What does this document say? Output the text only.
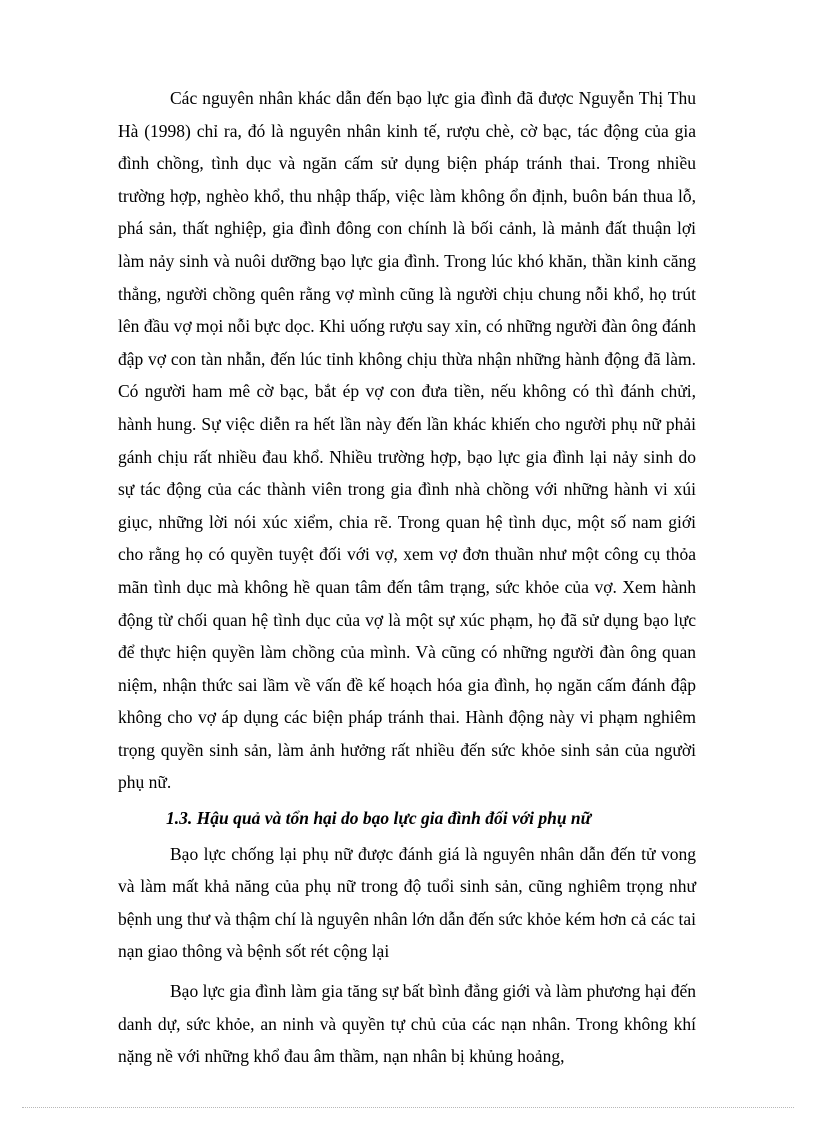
Các nguyên nhân khác dẫn đến bạo lực gia đình đã được Nguyễn Thị Thu Hà (1998) chỉ ra, đó là nguyên nhân kinh tế, rượu chè, cờ bạc, tác động của gia đình chồng, tình dục và ngăn cấm sử dụng biện pháp tránh thai. Trong nhiều trường hợp, nghèo khổ, thu nhập thấp, việc làm không ổn định, buôn bán thua lỗ, phá sản, thất nghiệp, gia đình đông con chính là bối cảnh, là mảnh đất thuận lợi làm nảy sinh và nuôi dưỡng bạo lực gia đình. Trong lúc khó khăn, thần kinh căng thẳng, người chồng quên rằng vợ mình cũng là người chịu chung nỗi khổ, họ trút lên đầu vợ mọi nỗi bực dọc. Khi uống rượu say xỉn, có những người đàn ông đánh đập vợ con tàn nhẫn, đến lúc tỉnh không chịu thừa nhận những hành động đã làm. Có người ham mê cờ bạc, bắt ép vợ con đưa tiền, nếu không có thì đánh chửi, hành hung. Sự việc diễn ra hết lần này đến lần khác khiến cho người phụ nữ phải gánh chịu rất nhiều đau khổ. Nhiều trường hợp, bạo lực gia đình lại nảy sinh do sự tác động của các thành viên trong gia đình nhà chồng với những hành vi xúi giục, những lời nói xúc xiểm, chia rẽ. Trong quan hệ tình dục, một số nam giới cho rằng họ có quyền tuyệt đối với vợ, xem vợ đơn thuần như một công cụ thỏa mãn tình dục mà không hề quan tâm đến tâm trạng, sức khỏe của vợ. Xem hành động từ chối quan hệ tình dục của vợ là một sự xúc phạm, họ đã sử dụng bạo lực để thực hiện quyền làm chồng của mình. Và cũng có những người đàn ông quan niệm, nhận thức sai lầm về vấn đề kế hoạch hóa gia đình, họ ngăn cấm đánh đập không cho vợ áp dụng các biện pháp tránh thai. Hành động này vi phạm nghiêm trọng quyền sinh sản, làm ảnh hưởng rất nhiều đến sức khỏe sinh sản của người phụ nữ.

1.3. Hậu quả và tổn hại do bạo lực gia đình đối với phụ nữ

Bạo lực chống lại phụ nữ được đánh giá là nguyên nhân dẫn đến tử vong và làm mất khả năng của phụ nữ trong độ tuổi sinh sản, cũng nghiêm trọng như bệnh ung thư và thậm chí là nguyên nhân lớn dẫn đến sức khỏe kém hơn cả các tai nạn giao thông và bệnh sốt rét cộng lại

Bạo lực gia đình làm gia tăng sự bất bình đẳng giới và làm phương hại đến danh dự, sức khỏe, an ninh và quyền tự chủ của các nạn nhân. Trong không khí nặng nề với những khổ đau âm thầm, nạn nhân bị khủng hoảng,
